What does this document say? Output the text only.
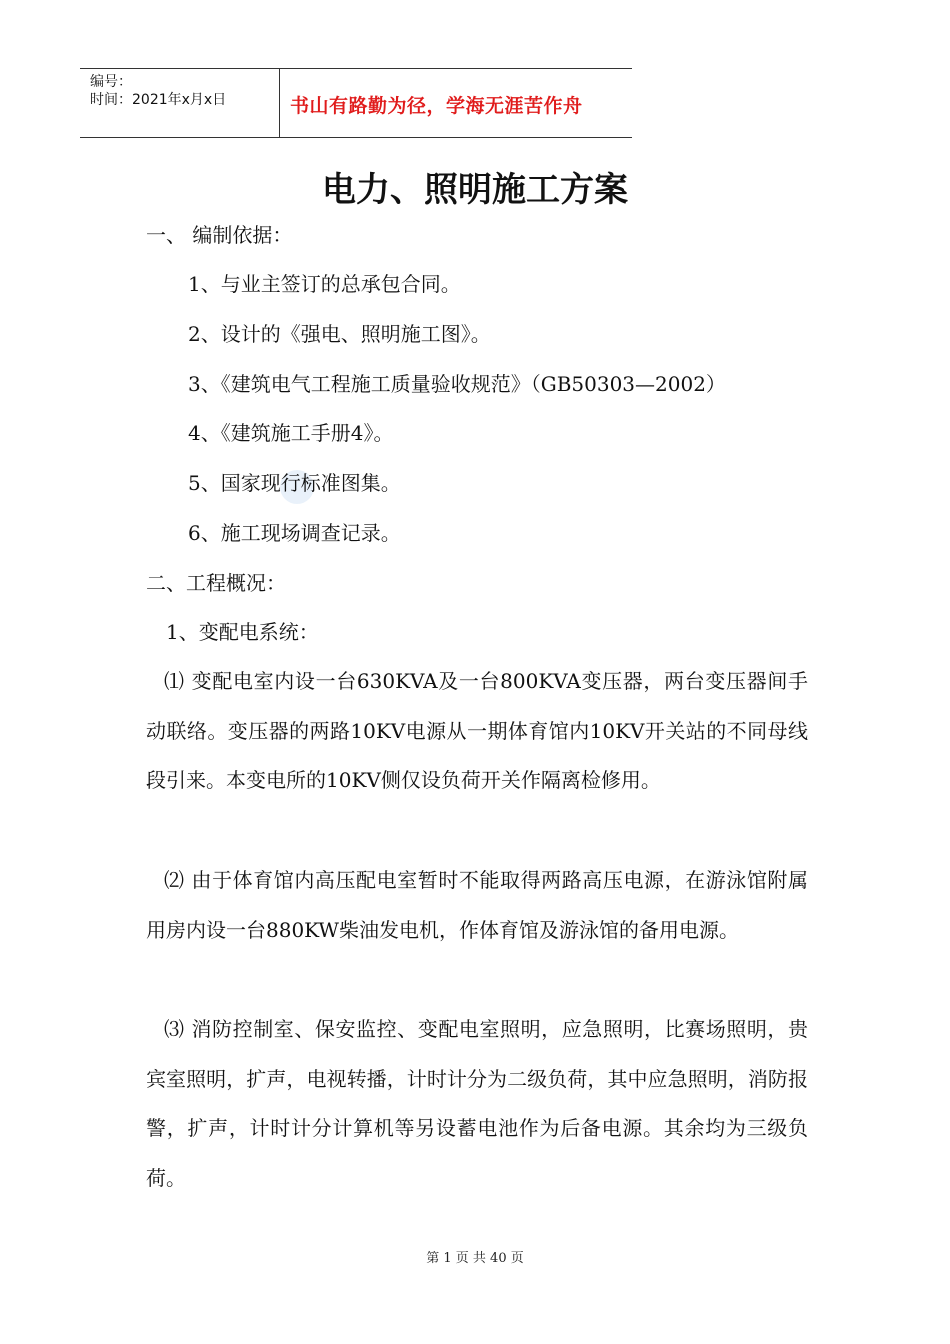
编号：
时间：2021年x月x日	书山有路勤为径，学海无涯苦作舟
电力、照明施工方案
一、 编制依据：
1、与业主签订的总承包合同。
2、设计的《强电、照明施工图》。
3、《建筑电气工程施工质量验收规范》（GB50303—2002）
4、《建筑施工手册4》。
5、国家现行标准图集。
6、施工现场调查记录。
二、工程概况：
1、变配电系统：
⑴ 变配电室内设一台630KVA及一台800KVA变压器，两台变压器间手动联络。变压器的两路10KV电源从一期体育馆内10KV开关站的不同母线段引来。本变电所的10KV侧仅设负荷开关作隔离检修用。
⑵ 由于体育馆内高压配电室暂时不能取得两路高压电源，在游泳馆附属用房内设一台880KW柴油发电机，作体育馆及游泳馆的备用电源。
⑶ 消防控制室、保安监控、变配电室照明，应急照明，比赛场照明，贵宾室照明，扩声，电视转播，计时计分为二级负荷，其中应急照明，消防报警，扩声，计时计分计算机等另设蓄电池作为后备电源。其余均为三级负荷。
第 1 页 共 40 页
